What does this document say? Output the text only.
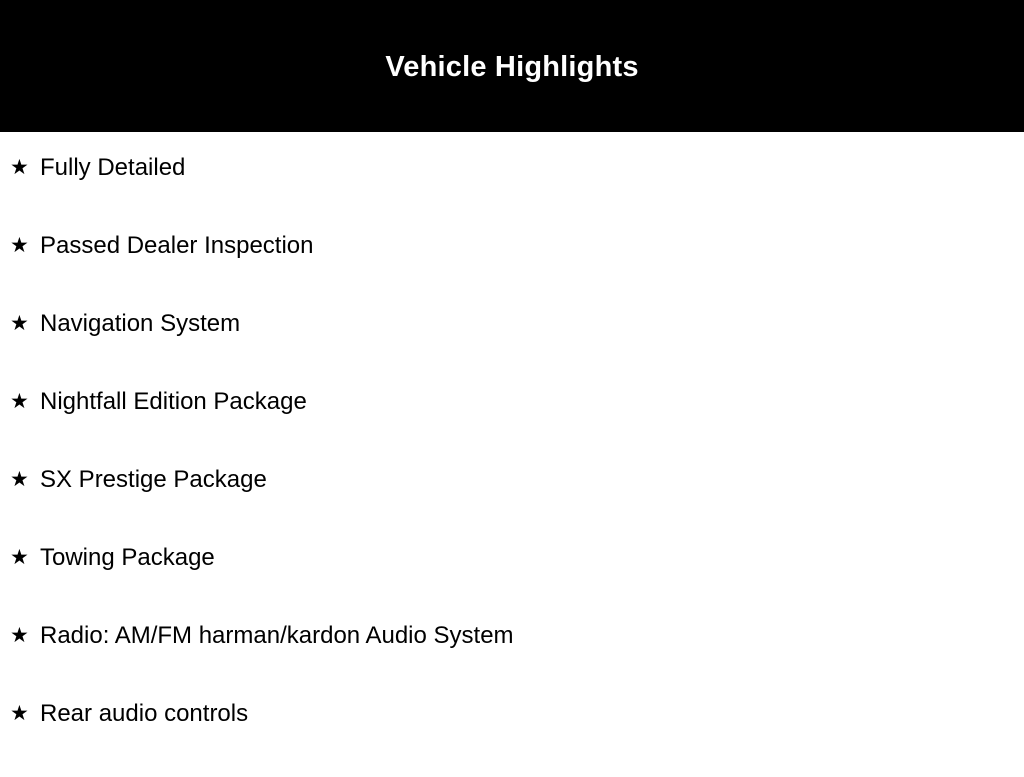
Vehicle Highlights
★ Fully Detailed
★ Passed Dealer Inspection
★ Navigation System
★ Nightfall Edition Package
★ SX Prestige Package
★ Towing Package
★ Radio: AM/FM harman/kardon Audio System
★ Rear audio controls
